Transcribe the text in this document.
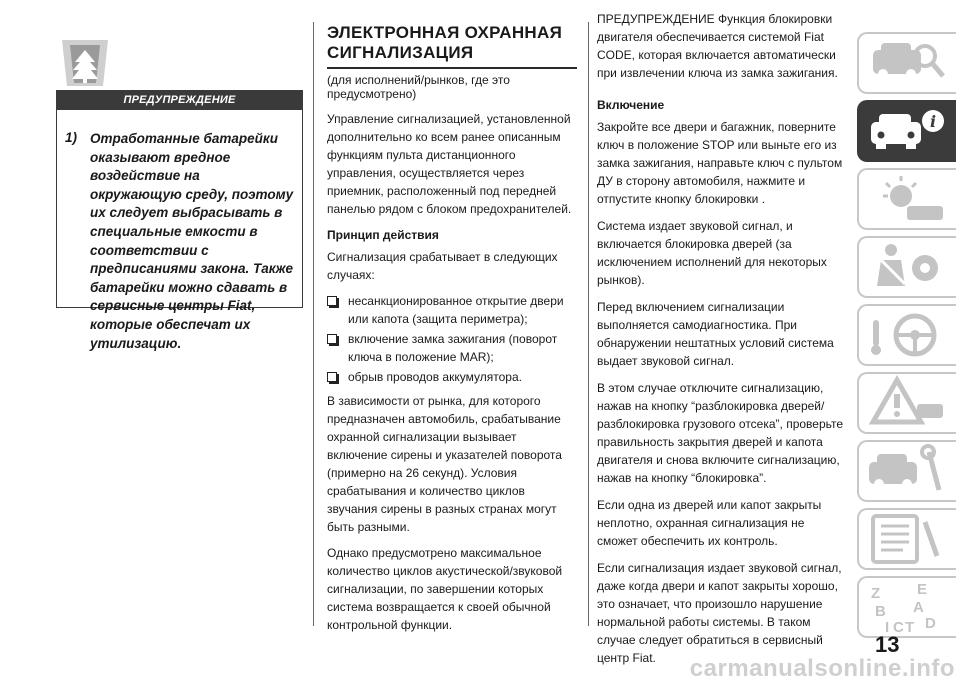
ПРЕДУПРЕЖДЕНИЕ
1) Отработанные батарейки оказывают вредное воздействие на окружающую среду, поэтому их следует выбрасывать в специальные емкости в соответствии с предписаниями закона. Также батарейки можно сдавать в сервисные центры Fiat, которые обеспечат их утилизацию.

ЭЛЕКТРОННАЯ ОХРАННАЯ
СИГНАЛИЗАЦИЯ

(для исполнений/рынков, где это предусмотрено)

Управление сигнализацией, установленной дополнительно ко всем ранее описанным функциям пульта дистанционного управления, осуществляется через приемник, расположенный под передней панелью рядом с блоком предохранителей.

Принцип действия

Сигнализация срабатывает в следующих случаях:

несанкционированное открытие двери или капота (защита периметра);
включение замка зажигания (поворот ключа в положение MAR);
обрыв проводов аккумулятора.

В зависимости от рынка, для которого предназначен автомобиль, срабатывание охранной сигнализации вызывает включение сирены и указателей поворота (примерно на 26 секунд). Условия срабатывания и количество циклов звучания сирены в разных странах могут быть разными.

Однако предусмотрено максимальное количество циклов акустической/звуковой сигнализации, по завершении которых система возвращается к своей обычной контрольной функции.

ПРЕДУПРЕЖДЕНИЕ Функция блокировки двигателя обеспечивается системой Fiat CODE, которая включается автоматически при извлечении ключа из замка зажигания.

Включение

Закройте все двери и багажник, поверните ключ в положение STOP или выньте его из замка зажигания, направьте ключ с пультом ДУ в сторону автомобиля, нажмите и отпустите кнопку блокировки .

Система издает звуковой сигнал, и включается блокировка дверей (за исключением исполнений для некоторых рынков).

Перед включением сигнализации выполняется самодиагностика. При обнаружении нештатных условий система выдает звуковой сигнал.

В этом случае отключите сигнализацию, нажав на кнопку “разблокировка дверей/разблокировка грузового отсека”, проверьте правильность закрытия дверей и капота двигателя и снова включите сигнализацию, нажав на кнопку “блокировка”.

Если одна из дверей или капот закрыты неплотно, охранная сигнализация не сможет обеспечить их контроль.

Если сигнализация издает звуковой сигнал, даже когда двери и капот закрыты хорошо, это означает, что произошло нарушение нормальной работы системы. В таком случае следует обратиться в сервисный центр Fiat.

i
Z E
B A
I C T D
13
carmanualsonline.info
